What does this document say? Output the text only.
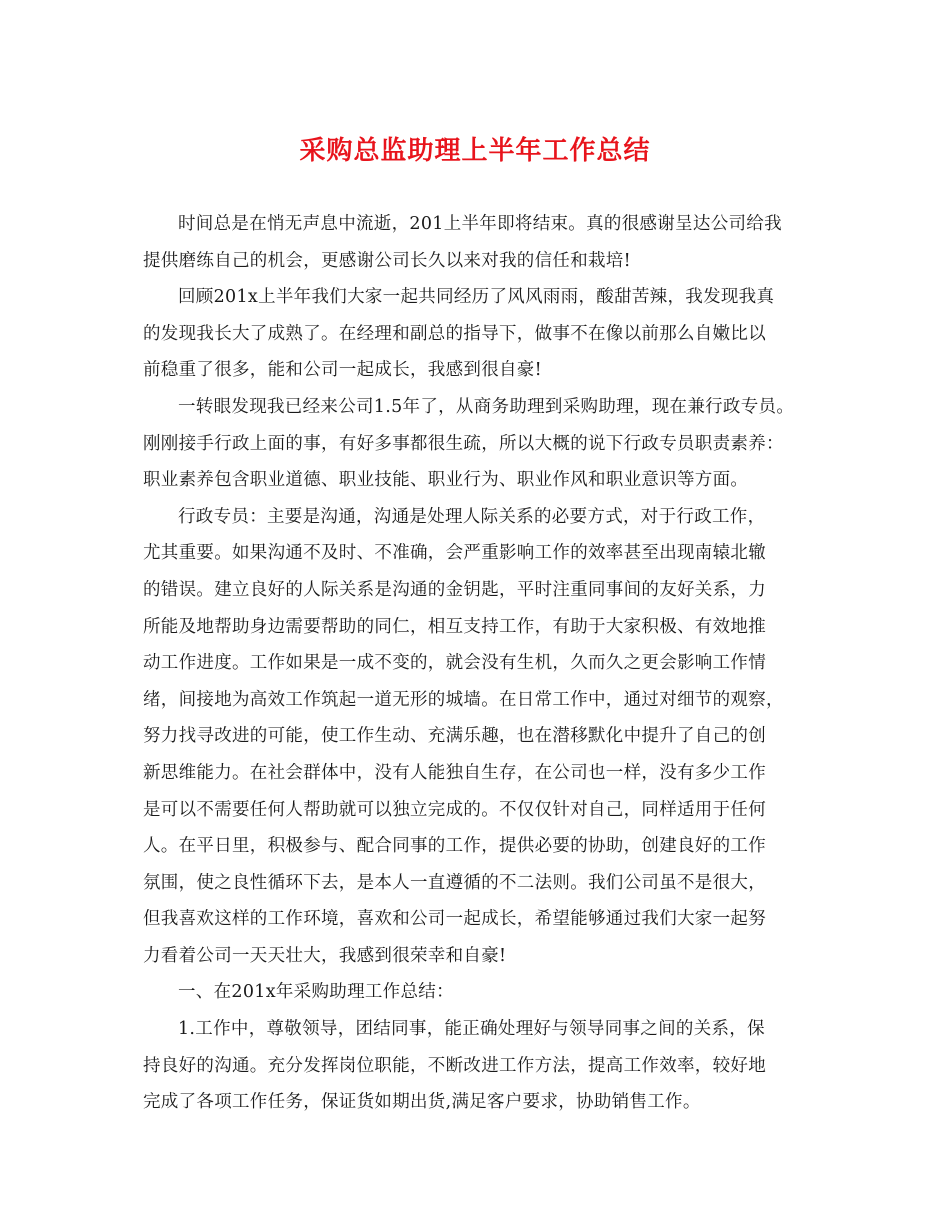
采购总监助理上半年工作总结
时间总是在悄无声息中流逝，201上半年即将结束。真的很感谢呈达公司给我
提供磨练自己的机会，更感谢公司长久以来对我的信任和栽培!
回顾201x上半年我们大家一起共同经历了风风雨雨，酸甜苦辣，我发现我真
的发现我长大了成熟了。在经理和副总的指导下，做事不在像以前那么自嫩比以
前稳重了很多，能和公司一起成长，我感到很自豪!
一转眼发现我已经来公司1.5年了，从商务助理到采购助理，现在兼行政专员。
刚刚接手行政上面的事，有好多事都很生疏，所以大概的说下行政专员职责素养：
职业素养包含职业道德、职业技能、职业行为、职业作风和职业意识等方面。
行政专员：主要是沟通，沟通是处理人际关系的必要方式，对于行政工作，
尤其重要。如果沟通不及时、不准确，会严重影响工作的效率甚至出现南辕北辙
的错误。建立良好的人际关系是沟通的金钥匙，平时注重同事间的友好关系，力
所能及地帮助身边需要帮助的同仁，相互支持工作，有助于大家积极、有效地推
动工作进度。工作如果是一成不变的，就会没有生机，久而久之更会影响工作情
绪，间接地为高效工作筑起一道无形的城墙。在日常工作中，通过对细节的观察，
努力找寻改进的可能，使工作生动、充满乐趣，也在潜移默化中提升了自己的创
新思维能力。在社会群体中，没有人能独自生存，在公司也一样，没有多少工作
是可以不需要任何人帮助就可以独立完成的。不仅仅针对自己，同样适用于任何
人。在平日里，积极参与、配合同事的工作，提供必要的协助，创建良好的工作
氛围，使之良性循环下去，是本人一直遵循的不二法则。我们公司虽不是很大，
但我喜欢这样的工作环境，喜欢和公司一起成长，希望能够通过我们大家一起努
力看着公司一天天壮大，我感到很荣幸和自豪!
一、在201x年采购助理工作总结：
1.工作中，尊敬领导，团结同事，能正确处理好与领导同事之间的关系，保
持良好的沟通。充分发挥岗位职能，不断改进工作方法，提高工作效率，较好地
完成了各项工作任务，保证货如期出货,满足客户要求，协助销售工作。
